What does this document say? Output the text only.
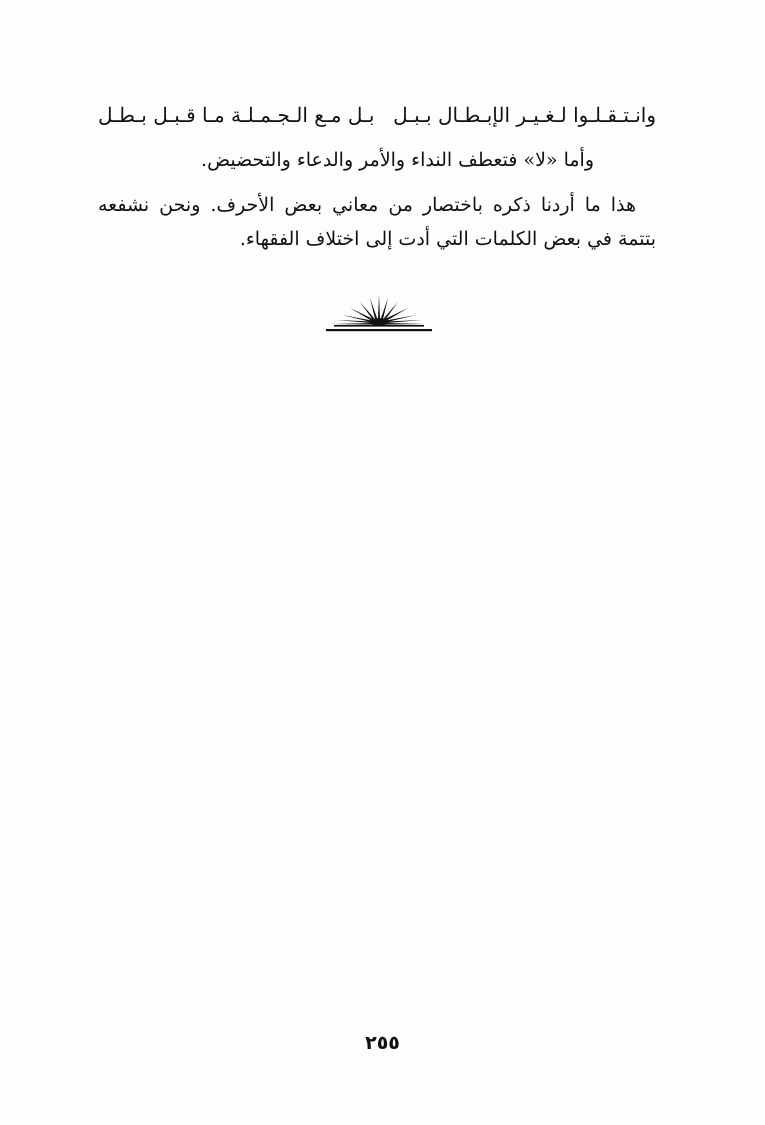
وانـتـقـلـوا لـغـيـر الإبـطـال بـبـل
بـل مـع الـجـمـلـة مـا قـبـل بـطـل
وأما «لا» فتعطف النداء والأمر والدعاء والتحضيض.
هذا ما أردنا ذكره باختصار من معاني بعض الأحرف. ونحن نشفعه بتتمة في بعض الكلمات التي أدت إلى اختلاف الفقهاء.
٢٥٥
